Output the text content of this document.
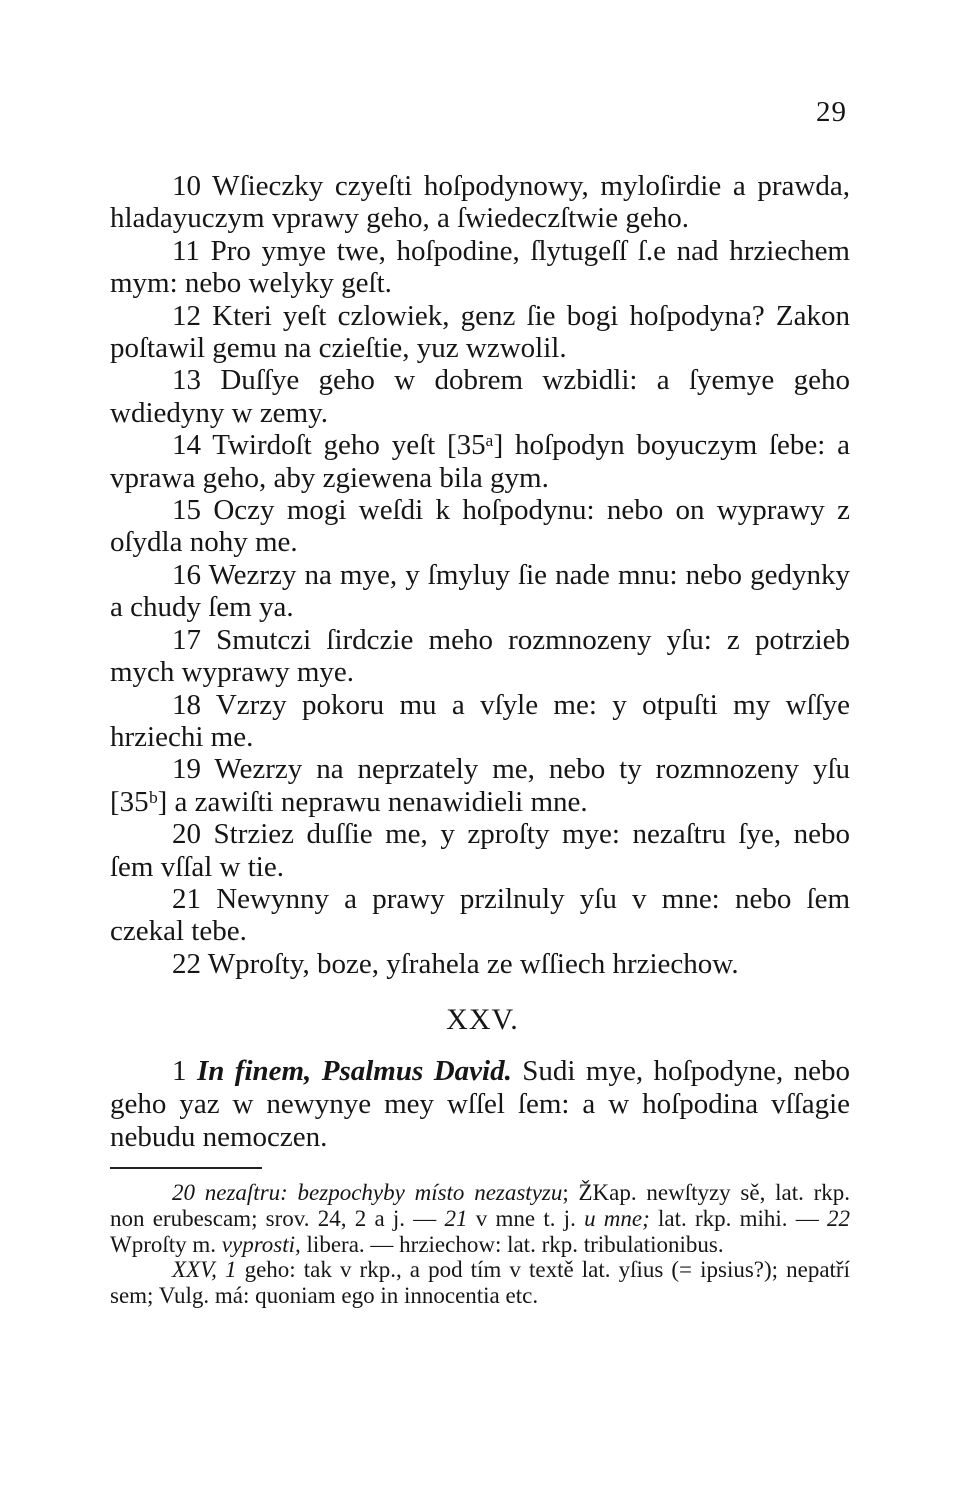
29

10 Wſieczky czyeſti hoſpodynowy, myloſirdie a prawda, hladayuczym vprawy geho, a ſwiedeczſtwie geho.

11 Pro ymye twe, hoſpodine, ſlytugeſſ ſ.e nad hrziechem mym: nebo welyky geſt.

12 Kteri yeſt czlowiek, genz ſie bogi hoſpodyna? Zakon poſtawil gemu na czieſtie, yuz wzwolil.

13 Duſſye geho w dobrem wzbidli: a ſyemye geho wdiedyny w zemy.

14 Twirdoſt geho yeſt [35ᵃ] hoſpodyn boyuczym ſebe: a vprawa geho, aby zgiewena bila gym.

15 Oczy mogi weſdi k hoſpodynu: nebo on wyprawy z oſydla nohy me.

16 Wezrzy na mye, y ſmyluy ſie nade mnu: nebo gedynky a chudy ſem ya.

17 Smutczi ſirdczie meho rozmnozeny yſu: z potrzieb mych wyprawy mye.

18 Vzrzy pokoru mu a vſyle me: y otpuſti my wſſye hrziechi me.

19 Wezrzy na neprzately me, nebo ty rozmnozeny yſu [35ᵇ] a zawiſti neprawu nenawidieli mne.

20 Strziez duſſie me, y zproſty mye: nezaſtru ſye, nebo ſem vſſal w tie.

21 Newynny a prawy przilnuly yſu v mne: nebo ſem czekal tebe.

22 Wproſty, boze, yſrahela ze wſſiech hrziechow.

XXV.

1 In finem, Psalmus David. Sudi mye, hoſpodyne, nebo geho yaz w newynye mey wſſel ſem: a w hoſpodina vſſagie nebudu nemoczen.

20 nezaſtru: bezpochyby místo nezastyzu; ŽKap. newſtyzy sě, lat. rkp. non erubescam; srov. 24, 2 a j. — 21 v mne t. j. u mne; lat. rkp. mihi. — 22 Wproſty m. vyprosti, libera. — hrziechow: lat. rkp. tribulationibus.

XXV, 1 geho: tak v rkp., a pod tím v textě lat. yſius (= ipsius?); nepatří sem; Vulg. má: quoniam ego in innocentia etc.
